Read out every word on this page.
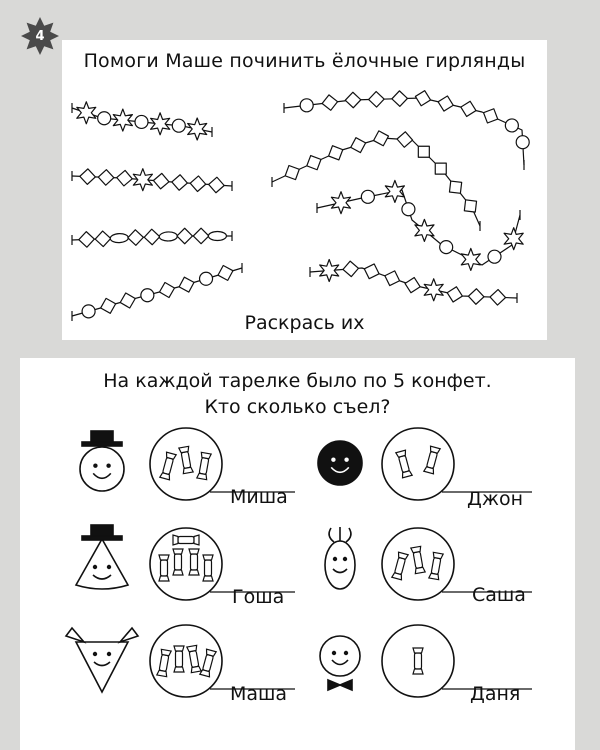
4
Помоги Маше починить ёлочные гирлянды
Раскрась их
На каждой тарелке было по 5 конфет.
Кто сколько съел?
Миша	Джон
Гоша	Саша
Маша	Даня
